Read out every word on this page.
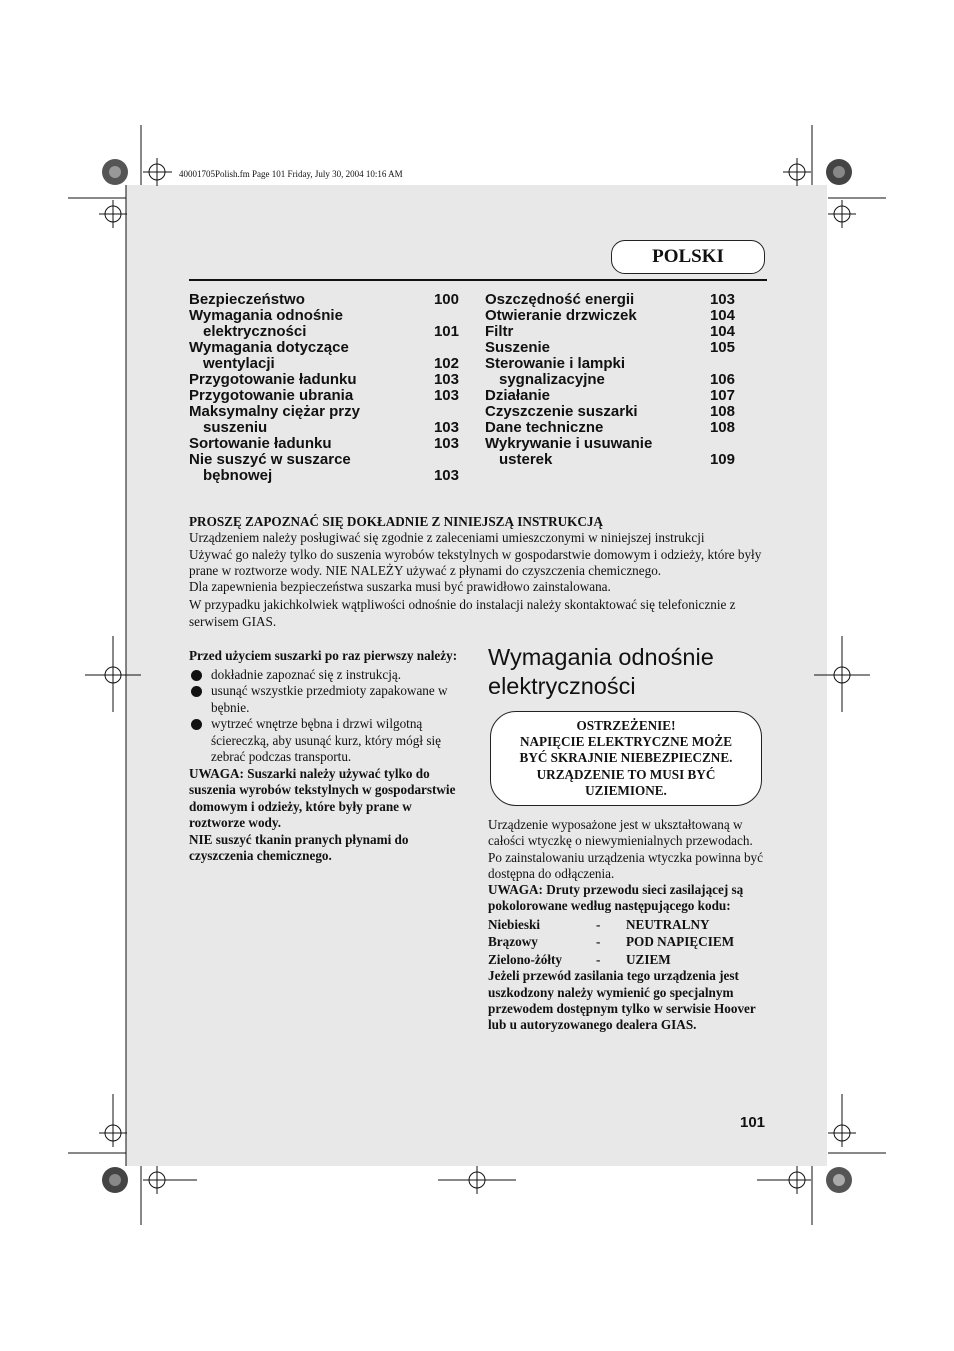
40001705Polish.fm Page 101 Friday, July 30, 2004 10:16 AM
POLSKI
Bezpieczeństwo	100
Wymagania odnośnie
elektryczności	101
Wymagania dotyczące
wentylacji	102
Przygotowanie ładunku	103
Przygotowanie ubrania	103
Maksymalny ciężar przy
suszeniu	103
Sortowanie ładunku	103
Nie suszyć w suszarce
bębnowej	103
Oszczędność energii	103
Otwieranie drzwiczek	104
Filtr	104
Suszenie	105
Sterowanie i lampki
sygnalizacyjne	106
Działanie	107
Czyszczenie suszarki	108
Dane techniczne	108
Wykrywanie i usuwanie
usterek	109

PROSZĘ ZAPOZNAĆ SIĘ DOKŁADNIE Z NINIEJSZĄ INSTRUKCJĄ

Urządzeniem należy posługiwać się zgodnie z zaleceniami umieszczonymi w niniejszej instrukcji

Używać go należy tylko do suszenia wyrobów tekstylnych w gospodarstwie domowym i odzieży, które były prane w roztworze wody. NIE NALEŻY używać z płynami do czyszczenia chemicznego.

Dla zapewnienia bezpieczeństwa suszarka musi być prawidłowo zainstalowana.

W przypadku jakichkolwiek wątpliwości odnośnie do instalacji należy skontaktować się telefonicznie z serwisem GIAS.

Przed użyciem suszarki po raz pierwszy należy:

dokładnie zapoznać się z instrukcją.
usunąć wszystkie przedmioty zapakowane w bębnie.
wytrzeć wnętrze bębna i drzwi wilgotną ściereczką, aby usunąć kurz, który mógł się zebrać podczas transportu.

UWAGA: Suszarki należy używać tylko do suszenia wyrobów tekstylnych w gospodarstwie domowym i odzieży, które były prane w roztworze wody.

NIE suszyć tkanin pranych płynami do czyszczenia chemicznego.

Wymagania odnośnie elektryczności
OSTRZEŻENIE!
NAPIĘCIE ELEKTRYCZNE MOŻE
BYĆ SKRAJNIE NIEBEZPIECZNE.
URZĄDZENIE TO MUSI BYĆ
UZIEMIONE.

Urządzenie wyposażone jest w ukształtowaną w całości wtyczkę o niewymienialnych przewodach.

Po zainstalowaniu urządzenia wtyczka powinna być dostępna do odłączenia.

UWAGA: Druty przewodu sieci zasilającej są pokolorowane według następującego kodu:

Niebieski	-	NEUTRALNY
Brązowy	-	POD NAPIĘCIEM
Zielono-żółty	-	UZIEM

Jeżeli przewód zasilania tego urządzenia jest uszkodzony należy wymienić go specjalnym przewodem dostępnym tylko w serwisie Hoover lub u autoryzowanego dealera GIAS.

101
